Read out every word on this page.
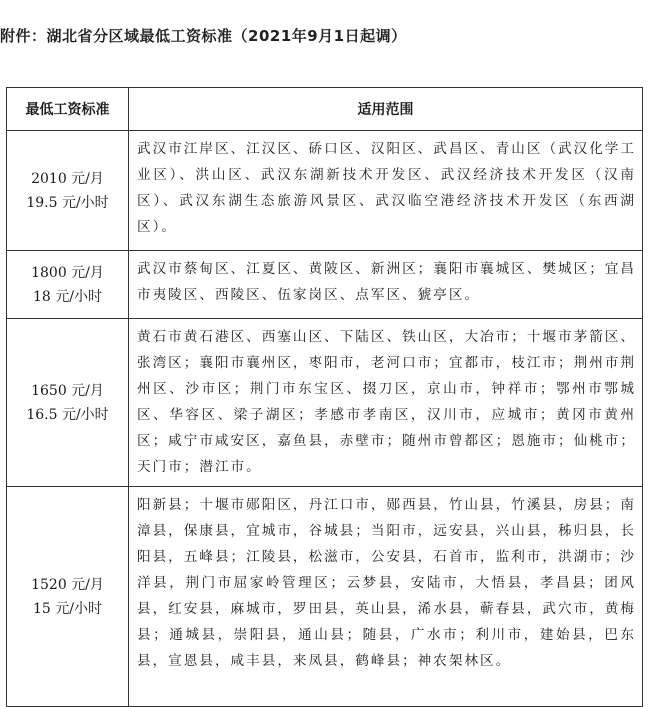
附件：湖北省分区域最低工资标准（2021年9月1日起调）
最低工资标准	适用范围

2010 元/月
19.5 元/小时	武汉市江岸区、江汉区、硚口区、汉阳区、武昌区、青山区（武汉化学工业区）、洪山区、武汉东湖新技术开发区、武汉经济技术开发区（汉南区）、武汉东湖生态旅游风景区、武汉临空港经济技术开发区（东西湖区）。

1800 元/月
18 元/小时	武汉市蔡甸区、江夏区、黄陂区、新洲区；襄阳市襄城区、樊城区；宜昌市夷陵区、西陵区、伍家岗区、点军区、猇亭区。

1650 元/月
16.5 元/小时	黄石市黄石港区、西塞山区、下陆区、铁山区，大冶市；十堰市茅箭区、张湾区；襄阳市襄州区，枣阳市，老河口市；宜都市，枝江市；荆州市荆州区、沙市区；荆门市东宝区、掇刀区，京山市，钟祥市；鄂州市鄂城区、华容区、梁子湖区；孝感市孝南区，汉川市，应城市；黄冈市黄州区；咸宁市咸安区，嘉鱼县，赤壁市；随州市曾都区；恩施市；仙桃市；天门市；潜江市。

1520 元/月
15 元/小时	阳新县；十堰市郧阳区，丹江口市，郧西县，竹山县，竹溪县，房县；南漳县，保康县，宜城市，谷城县；当阳市，远安县，兴山县，秭归县，长阳县，五峰县；江陵县，松滋市，公安县，石首市，监利市，洪湖市；沙洋县，荆门市屈家岭管理区；云梦县，安陆市，大悟县，孝昌县；团风县，红安县，麻城市，罗田县，英山县，浠水县，蕲春县，武穴市，黄梅县；通城县，崇阳县，通山县；随县，广水市；利川市，建始县，巴东县，宣恩县，咸丰县，来凤县，鹤峰县；神农架林区。
